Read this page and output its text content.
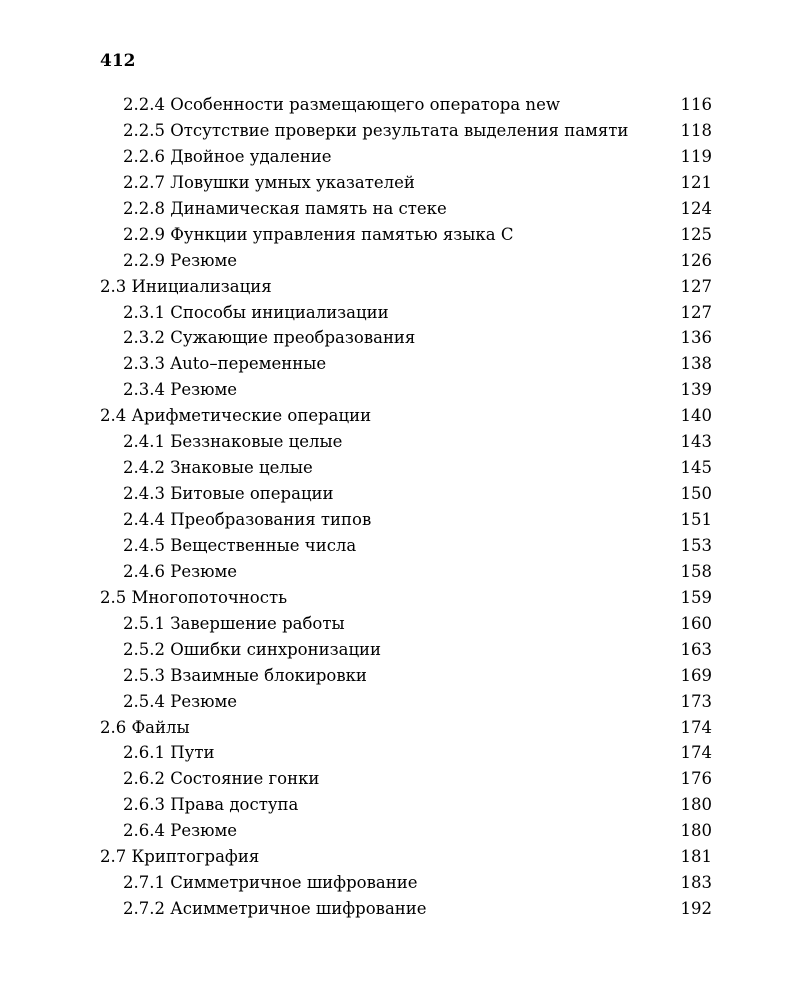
412
2.2.4 Особенности размещающего оператора new	116
2.2.5 Отсутствие проверки результата выделения памяти	118
2.2.6 Двойное удаление	119
2.2.7 Ловушки умных указателей	121
2.2.8 Динамическая память на стеке	124
2.2.9 Функции управления памятью языка C	125
2.2.9 Резюме	126
2.3 Инициализация	127
2.3.1 Способы инициализации	127
2.3.2 Сужающие преобразования	136
2.3.3 Auto–переменные	138
2.3.4 Резюме	139
2.4 Арифметические операции	140
2.4.1 Беззнаковые целые	143
2.4.2 Знаковые целые	145
2.4.3 Битовые операции	150
2.4.4 Преобразования типов	151
2.4.5 Вещественные числа	153
2.4.6 Резюме	158
2.5 Многопоточность	159
2.5.1 Завершение работы	160
2.5.2 Ошибки синхронизации	163
2.5.3 Взаимные блокировки	169
2.5.4 Резюме	173
2.6 Файлы	174
2.6.1 Пути	174
2.6.2 Состояние гонки	176
2.6.3 Права доступа	180
2.6.4 Резюме	180
2.7 Криптография	181
2.7.1 Симметричное шифрование	183
2.7.2 Асимметричное шифрование	192
